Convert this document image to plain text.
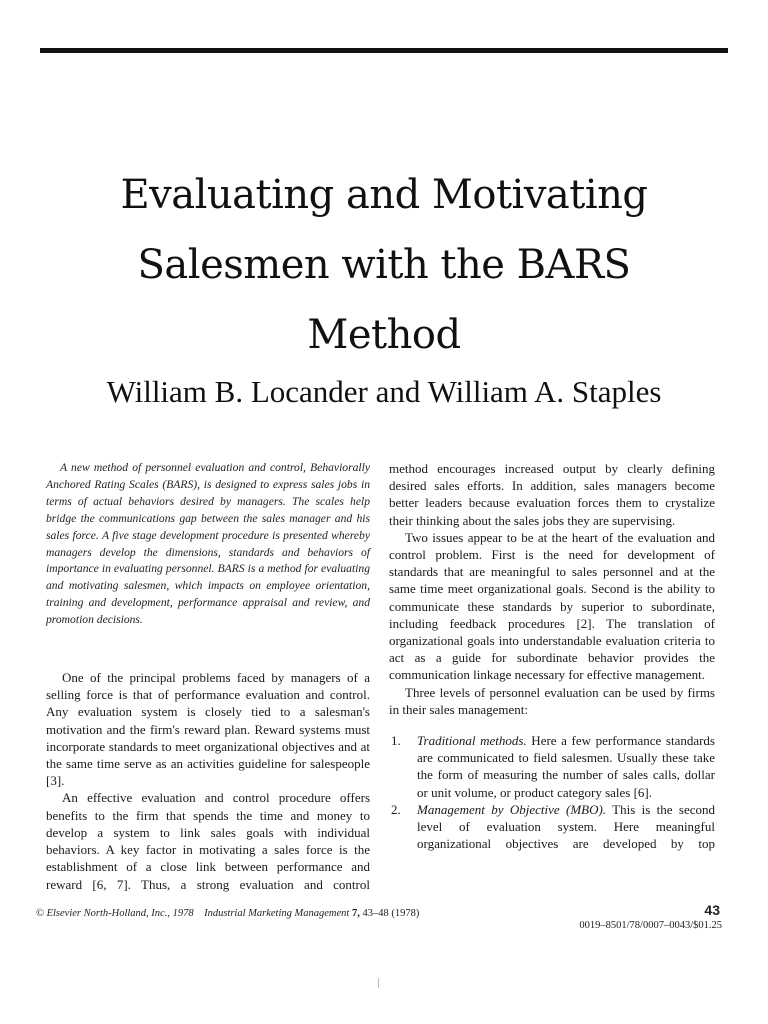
Evaluating and Motivating
Salesmen with the BARS
Method
William B. Locander and William A. Staples

A new method of personnel evaluation and control, Behaviorally Anchored Rating Scales (BARS), is designed to express sales jobs in terms of actual behaviors desired by managers. The scales help bridge the communications gap between the sales manager and his sales force. A five stage development procedure is presented whereby managers develop the dimensions, standards and behaviors of importance in evaluating personnel. BARS is a method for evaluating and motivating salesmen, which impacts on employee orientation, training and development, performance appraisal and review, and promotion decisions.

One of the principal problems faced by managers of a selling force is that of performance evaluation and control. Any evaluation system is closely tied to a salesman's motivation and the firm's reward plan. Reward systems must incorporate standards to meet organizational objectives and at the same time serve as an activities guideline for salespeople [3].

An effective evaluation and control procedure offers benefits to the firm that spends the time and money to develop a system to link sales goals with individual behaviors. A key factor in motivating a sales force is the establishment of a close link between performance and reward [6, 7]. Thus, a strong evaluation and control

method encourages increased output by clearly defining desired sales efforts. In addition, sales managers become better leaders because evaluation forces them to crystalize their thinking about the sales jobs they are supervising.

Two issues appear to be at the heart of the evaluation and control problem. First is the need for development of standards that are meaningful to sales personnel and at the same time meet organizational goals. Second is the ability to communicate these standards by superior to subordinate, including feedback procedures [2]. The translation of organizational goals into understandable evaluation criteria to act as a guide for subordinate behavior provides the communication linkage necessary for effective management.

Three levels of personnel evaluation can be used by firms in their sales management:

1.	Traditional methods. Here a few performance standards are communicated to field salesmen. Usually these take the form of measuring the number of sales calls, dollar or unit volume, or product category sales [6].
2.	Management by Objective (MBO). This is the second level of evaluation system. Here meaningful organizational objectives are developed by top
© Elsevier North-Holland, Inc., 1978 Industrial Marketing Management 7, 43–48 (1978)	43
0019–8501/78/0007–0043/$01.25
